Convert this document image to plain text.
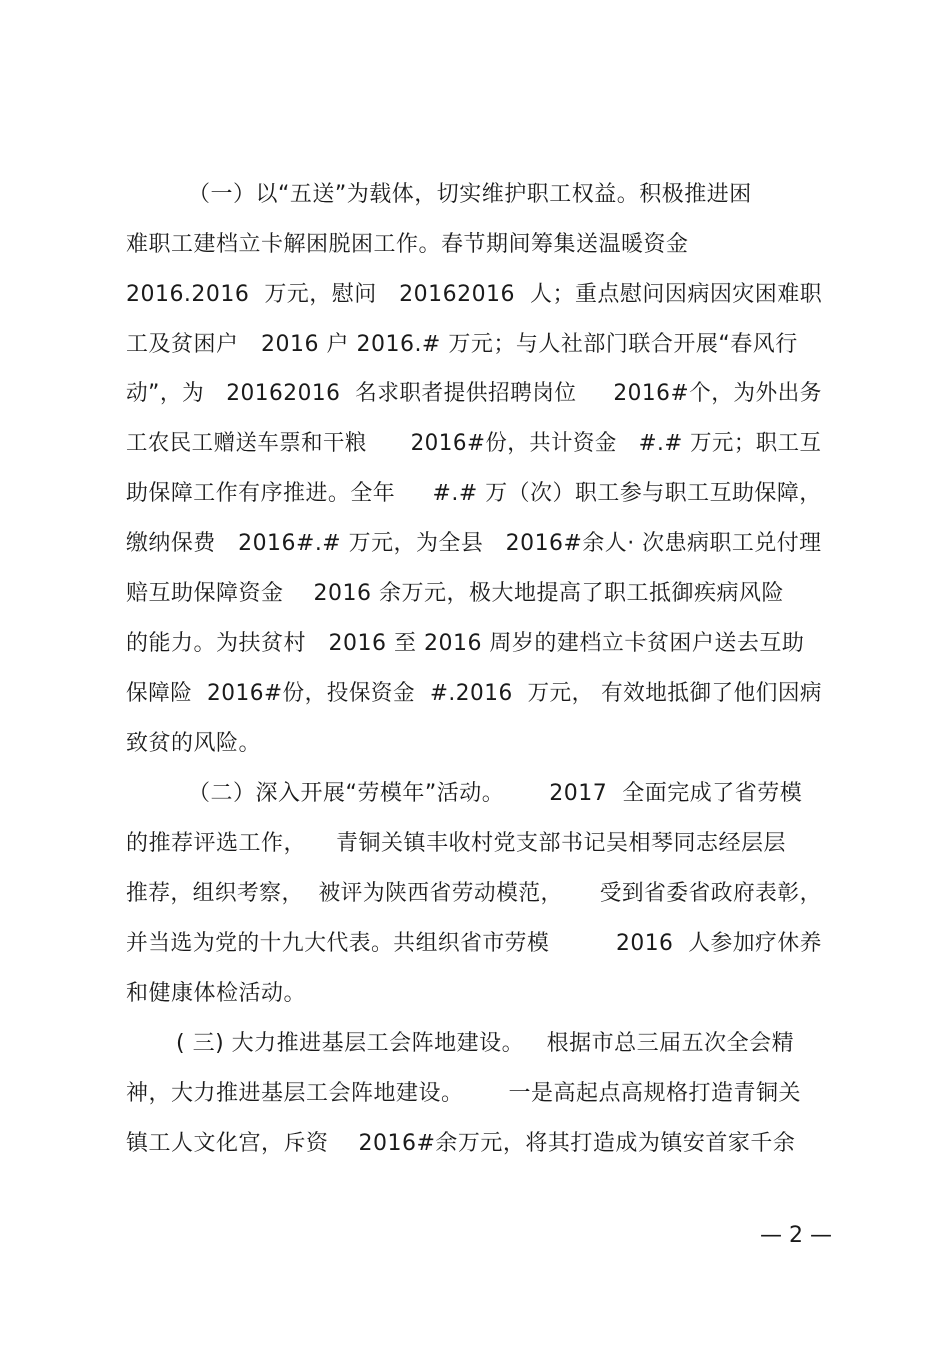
（一）以“五送”为载体，切实维护职工权益。积极推进困
难职工建档立卡解困脱困工作。春节期间筹集送温暖资金
2016.2016  万元，慰问   20162016  人；重点慰问因病因灾困难职
工及贫困户   2016 户 2016.# 万元；与人社部门联合开展“春风行
动”，为   20162016  名求职者提供招聘岗位     2016#个，为外出务
工农民工赠送车票和干粮      2016#份，共计资金   #.# 万元；职工互
助保障工作有序推进。全年     #.# 万（次）职工参与职工互助保障，
缴纳保费   2016#.# 万元，为全县   2016#余人· 次患病职工兑付理
赔互助保障资金    2016 余万元，极大地提高了职工抵御疾病风险
的能力。为扶贫村   2016 至 2016 周岁的建档立卡贫困户送去互助
保障险  2016#份，投保资金  #.2016  万元， 有效地抵御了他们因病
致贫的风险。
（二）深入开展“劳模年”活动。      2017  全面完成了省劳模
的推荐评选工作，    青铜关镇丰收村党支部书记吴相琴同志经层层
推荐，组织考察，  被评为陕西省劳动模范，     受到省委省政府表彰，
并当选为党的十九大代表。共组织省市劳模         2016  人参加疗休养
和健康体检活动。
( 三) 大力推进基层工会阵地建设。   根据市总三届五次全会精
神，大力推进基层工会阵地建设。      一是高起点高规格打造青铜关
镇工人文化宫，斥资    2016#余万元，将其打造成为镇安首家千余
— 2 —
